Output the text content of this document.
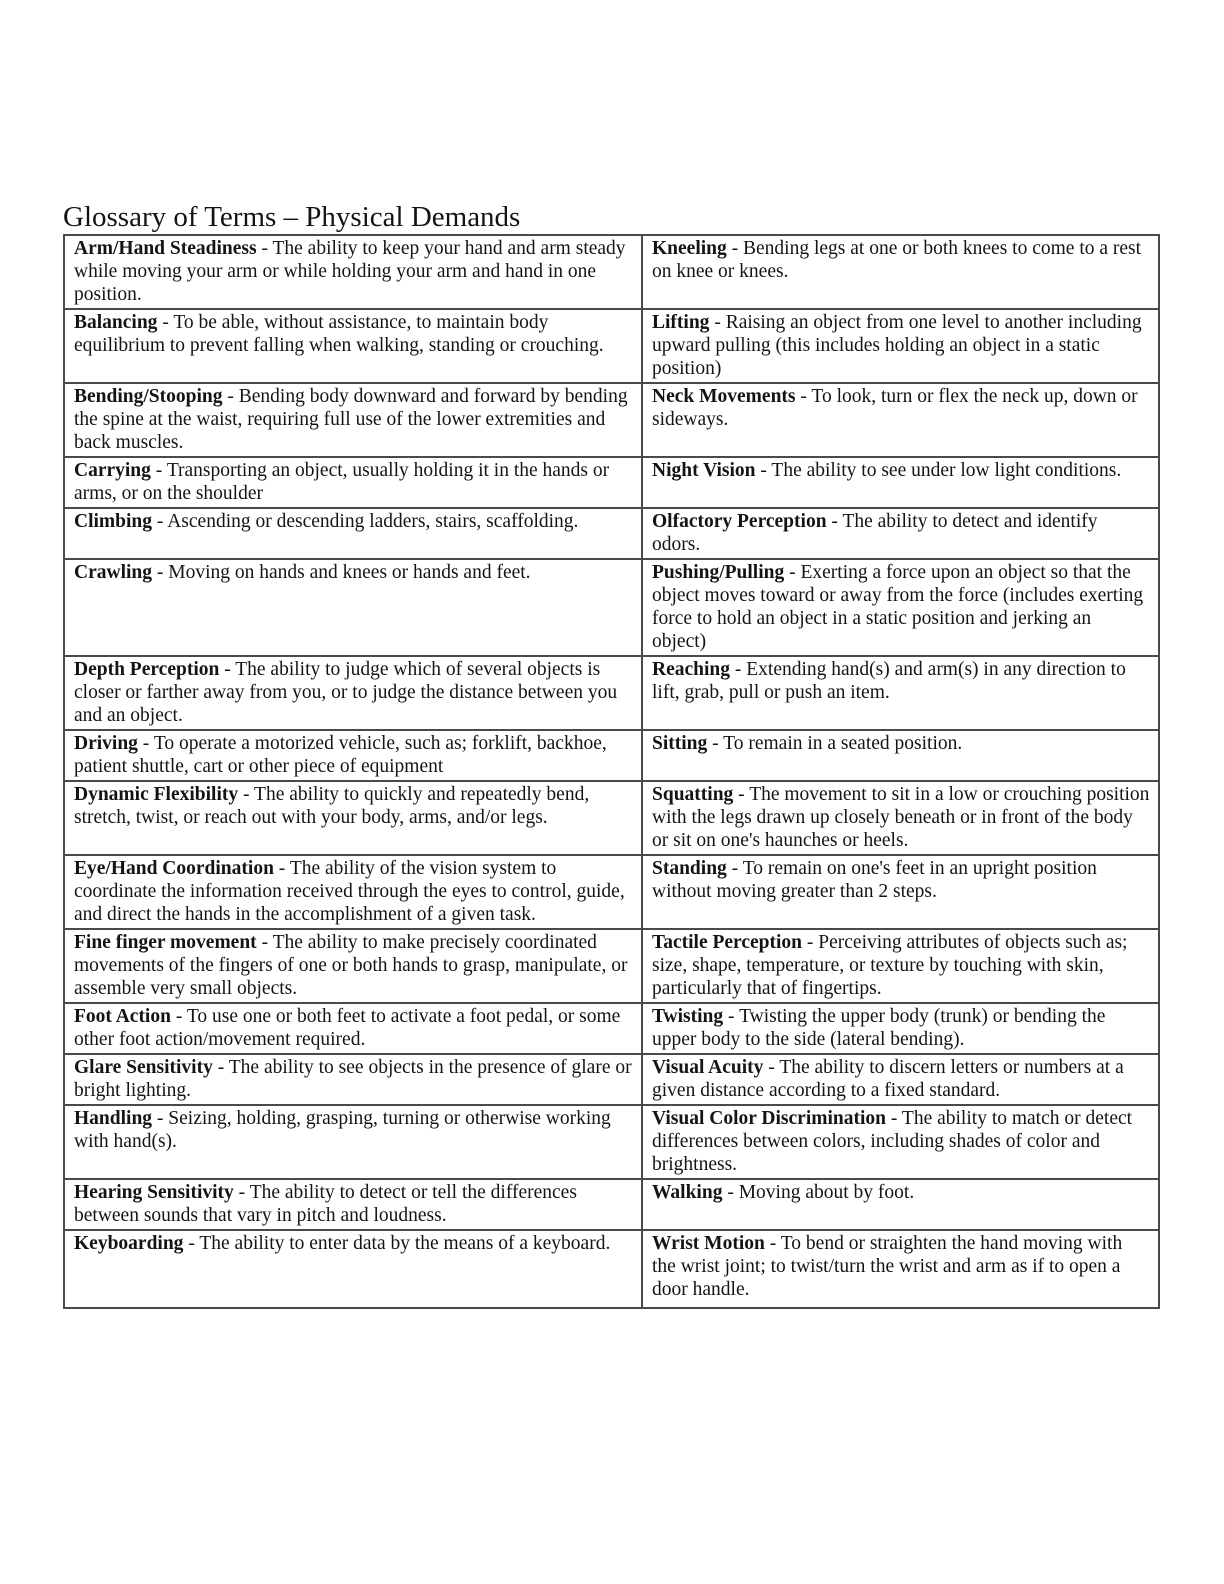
Glossary of Terms – Physical Demands
Arm/Hand Steadiness - The ability to keep your hand and arm steady while moving your arm or while holding your arm and hand in one position.	Kneeling - Bending legs at one or both knees to come to a rest on knee or knees.
Balancing - To be able, without assistance, to maintain body equilibrium to prevent falling when walking, standing or crouching.	Lifting - Raising an object from one level to another including upward pulling (this includes holding an object in a static position)
Bending/Stooping - Bending body downward and forward by bending the spine at the waist, requiring full use of the lower extremities and back muscles.	Neck Movements - To look, turn or flex the neck up, down or sideways.
Carrying - Transporting an object, usually holding it in the hands or arms, or on the shoulder	Night Vision - The ability to see under low light conditions.
Climbing - Ascending or descending ladders, stairs, scaffolding.	Olfactory Perception - The ability to detect and identify odors.
Crawling - Moving on hands and knees or hands and feet.	Pushing/Pulling - Exerting a force upon an object so that the object moves toward or away from the force (includes exerting force to hold an object in a static position and jerking an object)
Depth Perception - The ability to judge which of several objects is closer or farther away from you, or to judge the distance between you and an object.	Reaching - Extending hand(s) and arm(s) in any direction to lift, grab, pull or push an item.
Driving - To operate a motorized vehicle, such as; forklift, backhoe, patient shuttle, cart or other piece of equipment	Sitting - To remain in a seated position.
Dynamic Flexibility - The ability to quickly and repeatedly bend, stretch, twist, or reach out with your body, arms, and/or legs.	Squatting - The movement to sit in a low or crouching position with the legs drawn up closely beneath or in front of the body or sit on one's haunches or heels.
Eye/Hand Coordination - The ability of the vision system to coordinate the information received through the eyes to control, guide, and direct the hands in the accomplishment of a given task.	Standing - To remain on one's feet in an upright position without moving greater than 2 steps.
Fine finger movement - The ability to make precisely coordinated movements of the fingers of one or both hands to grasp, manipulate, or assemble very small objects.	Tactile Perception - Perceiving attributes of objects such as; size, shape, temperature, or texture by touching with skin, particularly that of fingertips.
Foot Action - To use one or both feet to activate a foot pedal, or some other foot action/movement required.	Twisting - Twisting the upper body (trunk) or bending the upper body to the side (lateral bending).
Glare Sensitivity - The ability to see objects in the presence of glare or bright lighting.	Visual Acuity - The ability to discern letters or numbers at a given distance according to a fixed standard.
Handling - Seizing, holding, grasping, turning or otherwise working with hand(s).	Visual Color Discrimination - The ability to match or detect differences between colors, including shades of color and brightness.
Hearing Sensitivity - The ability to detect or tell the differences between sounds that vary in pitch and loudness.	Walking - Moving about by foot.
Keyboarding - The ability to enter data by the means of a keyboard.	Wrist Motion - To bend or straighten the hand moving with the wrist joint; to twist/turn the wrist and arm as if to open a door handle.
